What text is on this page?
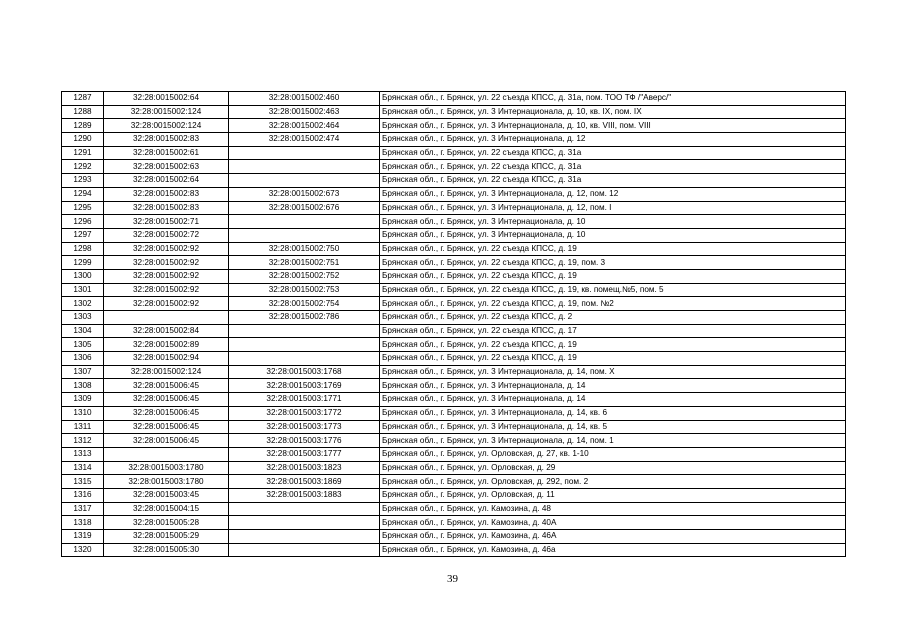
1287	32:28:0015002:64	32:28:0015002:460	Брянская обл., г. Брянск, ул. 22 съезда КПСС, д. 31а, пом. ТОО ТФ /"Аверс/"
1288	32:28:0015002:124	32:28:0015002:463	Брянская обл., г. Брянск, ул. 3 Интернационала, д. 10, кв. IX, пом. IX
1289	32:28:0015002:124	32:28:0015002:464	Брянская обл., г. Брянск, ул. 3 Интернационала, д. 10, кв. VIII, пом. VIII
1290	32:28:0015002:83	32:28:0015002:474	Брянская обл., г. Брянск, ул. 3 Интернационала, д. 12
1291	32:28:0015002:61		Брянская обл., г. Брянск, ул. 22 съезда КПСС, д. 31а
1292	32:28:0015002:63		Брянская обл., г. Брянск, ул. 22 съезда КПСС, д. 31а
1293	32:28:0015002:64		Брянская обл., г. Брянск, ул. 22 съезда КПСС, д. 31а
1294	32:28:0015002:83	32:28:0015002:673	Брянская обл., г. Брянск, ул. 3 Интернационала, д. 12, пом. 12
1295	32:28:0015002:83	32:28:0015002:676	Брянская обл., г. Брянск, ул. 3 Интернационала, д. 12, пом. I
1296	32:28:0015002:71		Брянская обл., г. Брянск, ул. 3 Интернационала, д. 10
1297	32:28:0015002:72		Брянская обл., г. Брянск, ул. 3 Интернационала, д. 10
1298	32:28:0015002:92	32:28:0015002:750	Брянская обл., г. Брянск, ул. 22 съезда КПСС, д. 19
1299	32:28:0015002:92	32:28:0015002:751	Брянская обл., г. Брянск, ул. 22 съезда КПСС, д. 19, пом. 3
1300	32:28:0015002:92	32:28:0015002:752	Брянская обл., г. Брянск, ул. 22 съезда КПСС, д. 19
1301	32:28:0015002:92	32:28:0015002:753	Брянская обл., г. Брянск, ул. 22 съезда КПСС, д. 19, кв. помещ.№5, пом. 5
1302	32:28:0015002:92	32:28:0015002:754	Брянская обл., г. Брянск, ул. 22 съезда КПСС, д. 19, пом. №2
1303		32:28:0015002:786	Брянская обл., г. Брянск, ул. 22 съезда КПСС, д. 2
1304	32:28:0015002:84		Брянская обл., г. Брянск, ул. 22 съезда КПСС, д. 17
1305	32:28:0015002:89		Брянская обл., г. Брянск, ул. 22 съезда КПСС, д. 19
1306	32:28:0015002:94		Брянская обл., г. Брянск, ул. 22 съезда КПСС, д. 19
1307	32:28:0015002:124	32:28:0015003:1768	Брянская обл., г. Брянск, ул. 3 Интернационала, д. 14, пом. X
1308	32:28:0015006:45	32:28:0015003:1769	Брянская обл., г. Брянск, ул. 3 Интернационала, д. 14
1309	32:28:0015006:45	32:28:0015003:1771	Брянская обл., г. Брянск, ул. 3 Интернационала, д. 14
1310	32:28:0015006:45	32:28:0015003:1772	Брянская обл., г. Брянск, ул. 3 Интернационала, д. 14, кв. 6
1311	32:28:0015006:45	32:28:0015003:1773	Брянская обл., г. Брянск, ул. 3 Интернационала, д. 14, кв. 5
1312	32:28:0015006:45	32:28:0015003:1776	Брянская обл., г. Брянск, ул. 3 Интернационала, д. 14, пом. 1
1313		32:28:0015003:1777	Брянская обл., г. Брянск, ул. Орловская, д. 27, кв. 1-10
1314	32:28:0015003:1780	32:28:0015003:1823	Брянская обл., г. Брянск, ул. Орловская, д. 29
1315	32:28:0015003:1780	32:28:0015003:1869	Брянская обл., г. Брянск, ул. Орловская, д. 292, пом. 2
1316	32:28:0015003:45	32:28:0015003:1883	Брянская обл., г. Брянск, ул. Орловская, д. 11
1317	32:28:0015004:15		Брянская обл., г. Брянск, ул. Камозина, д. 48
1318	32:28:0015005:28		Брянская обл., г. Брянск, ул. Камозина, д. 40А
1319	32:28:0015005:29		Брянская обл., г. Брянск, ул. Камозина, д. 46А
1320	32:28:0015005:30		Брянская обл., г. Брянск, ул. Камозина, д. 46а
39
